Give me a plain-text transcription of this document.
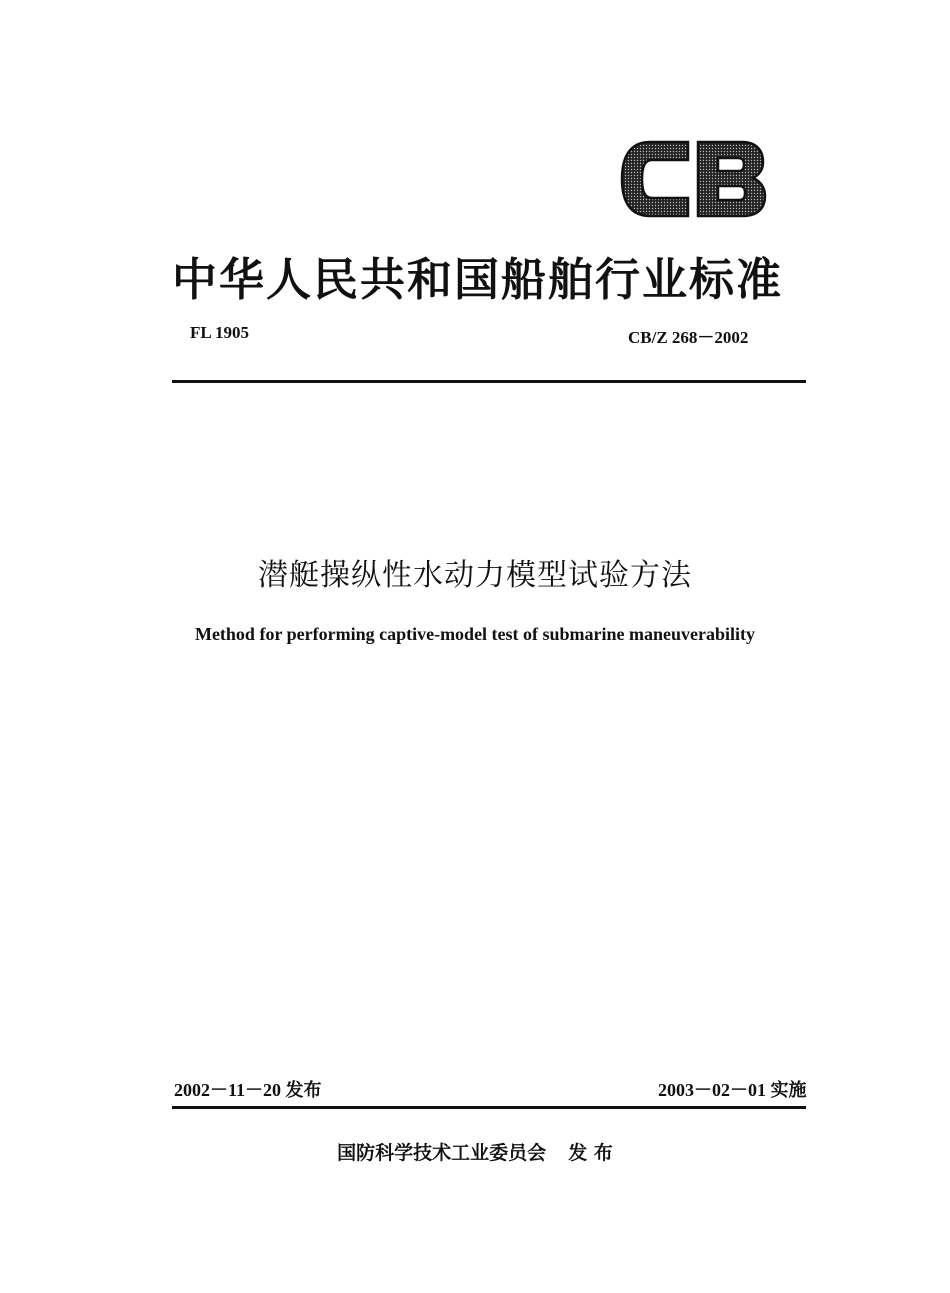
中华人民共和国船舶行业标准
FL 1905	CB/Z 268－2002
潜艇操纵性水动力模型试验方法
Method for performing captive-model test of submarine maneuverability
2002－11－20 发布	2003－02－01 实施
国防科学技术工业委员会 发 布
